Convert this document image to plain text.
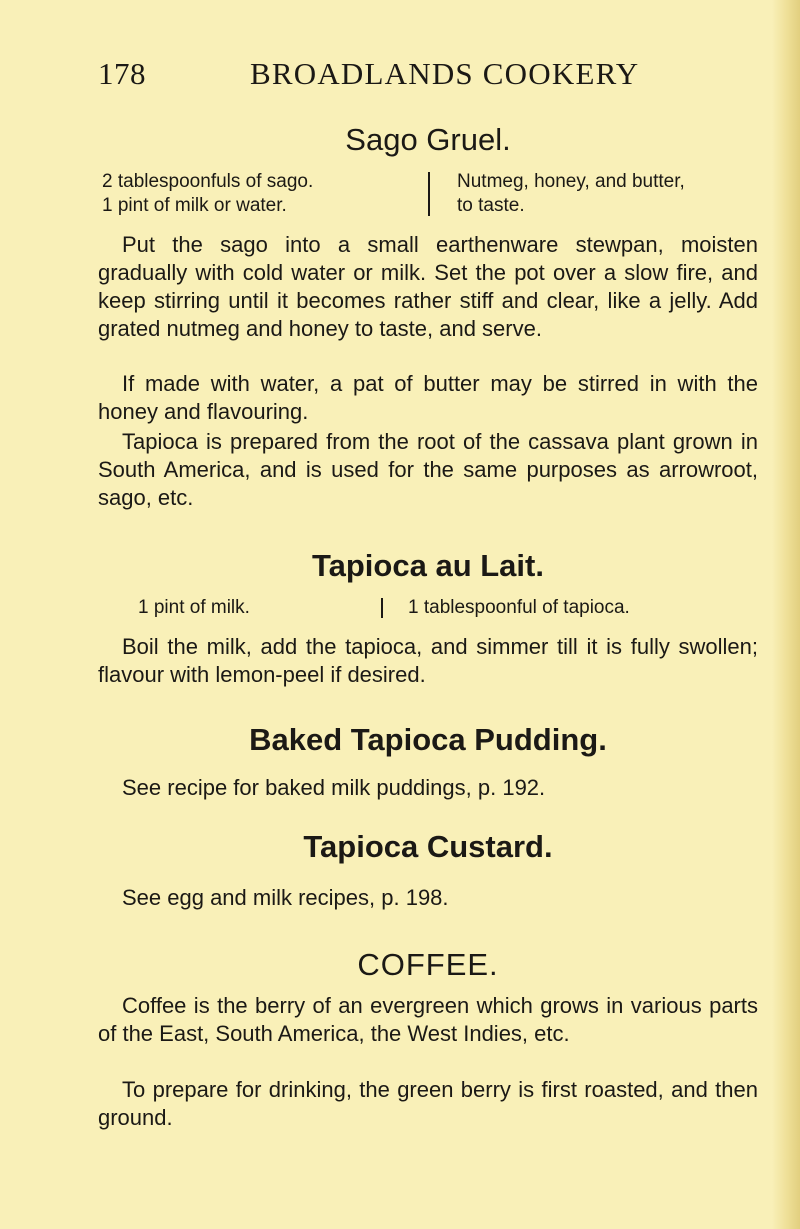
178	BROADLANDS COOKERY
Sago Gruel.
2 tablespoonfuls of sago.
1 pint of milk or water.
Nutmeg, honey, and butter,
to taste.
Put the sago into a small earthenware stewpan, moisten gradually with cold water or milk. Set the pot over a slow fire, and keep stirring until it becomes rather stiff and clear, like a jelly. Add grated nutmeg and honey to taste, and serve.
If made with water, a pat of butter may be stirred in with the honey and flavouring.
Tapioca is prepared from the root of the cassava plant grown in South America, and is used for the same purposes as arrowroot, sago, etc.
Tapioca au Lait.
1 pint of milk.	1 tablespoonful of tapioca.
Boil the milk, add the tapioca, and simmer till it is fully swollen; flavour with lemon-peel if desired.
Baked Tapioca Pudding.
See recipe for baked milk puddings, p. 192.
Tapioca Custard.
See egg and milk recipes, p. 198.
COFFEE.
Coffee is the berry of an evergreen which grows in various parts of the East, South America, the West Indies, etc.
To prepare for drinking, the green berry is first roasted, and then ground.
